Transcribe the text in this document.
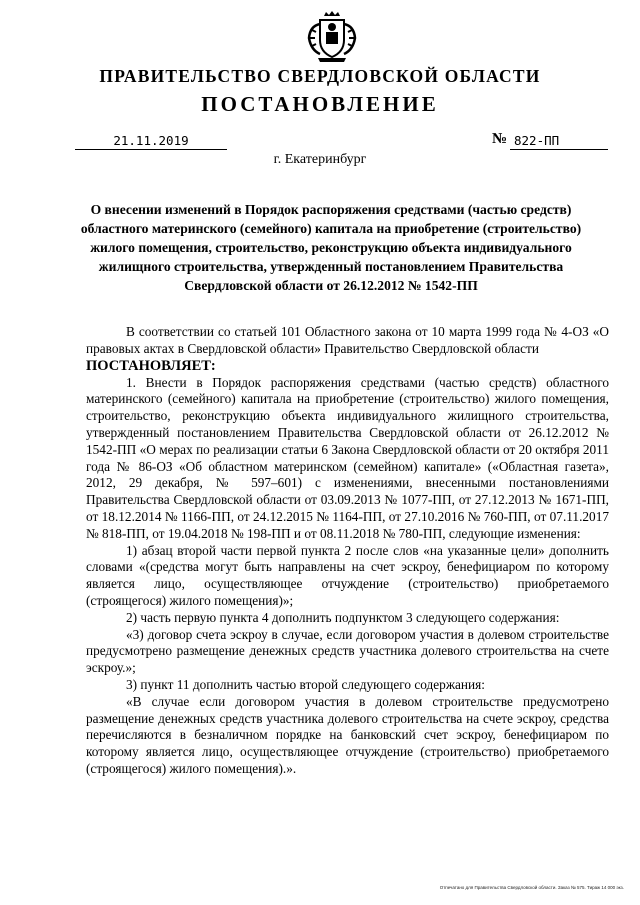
ПРАВИТЕЛЬСТВО СВЕРДЛОВСКОЙ ОБЛАСТИ
ПОСТАНОВЛЕНИЕ
21.11.2019	№ 822-ПП
г. Екатеринбург
О внесении изменений в Порядок распоряжения средствами (частью средств) областного материнского (семейного) капитала на приобретение (строительство) жилого помещения, строительство, реконструкцию объекта индивидуального жилищного строительства, утвержденный постановлением Правительства Свердловской области от 26.12.2012 № 1542-ПП

В соответствии со статьей 101 Областного закона от 10 марта 1999 года № 4-ОЗ «О правовых актах в Свердловской области» Правительство Свердловской области

ПОСТАНОВЛЯЕТ:

1. Внести в Порядок распоряжения средствами (частью средств) областного материнского (семейного) капитала на приобретение (строительство) жилого помещения, строительство, реконструкцию объекта индивидуального жилищного строительства, утвержденный постановлением Правительства Свердловской области от 26.12.2012 № 1542-ПП «О мерах по реализации статьи 6 Закона Свердловской области от 20 октября 2011 года № 86-ОЗ «Об областном материнском (семейном) капитале» («Областная газета», 2012, 29 декабря, № 597–601) с изменениями, внесенными постановлениями Правительства Свердловской области от 03.09.2013 № 1077-ПП, от 27.12.2013 № 1671-ПП, от 18.12.2014 № 1166-ПП, от 24.12.2015 № 1164-ПП, от 27.10.2016 № 760-ПП, от 07.11.2017 № 818-ПП, от 19.04.2018 № 198-ПП и от 08.11.2018 № 780-ПП, следующие изменения:

1) абзац второй части первой пункта 2 после слов «на указанные цели» дополнить словами «(средства могут быть направлены на счет эскроу, бенефициаром по которому является лицо, осуществляющее отчуждение (строительство) приобретаемого (строящегося) жилого помещения)»;

2) часть первую пункта 4 дополнить подпунктом 3 следующего содержания:

«3) договор счета эскроу в случае, если договором участия в долевом строительстве предусмотрено размещение денежных средств участника долевого строительства на счете эскроу.»;

3) пункт 11 дополнить частью второй следующего содержания:

«В случае если договором участия в долевом строительстве предусмотрено размещение денежных средств участника долевого строительства на счете эскроу, средства перечисляются в безналичном порядке на банковский счет эскроу, бенефициаром по которому является лицо, осуществляющее отчуждение (строительство) приобретаемого (строящегося) жилого помещения).».

Отпечатано для Правительства Свердловской области. Заказ № 575. Тираж 14 000 экз.
